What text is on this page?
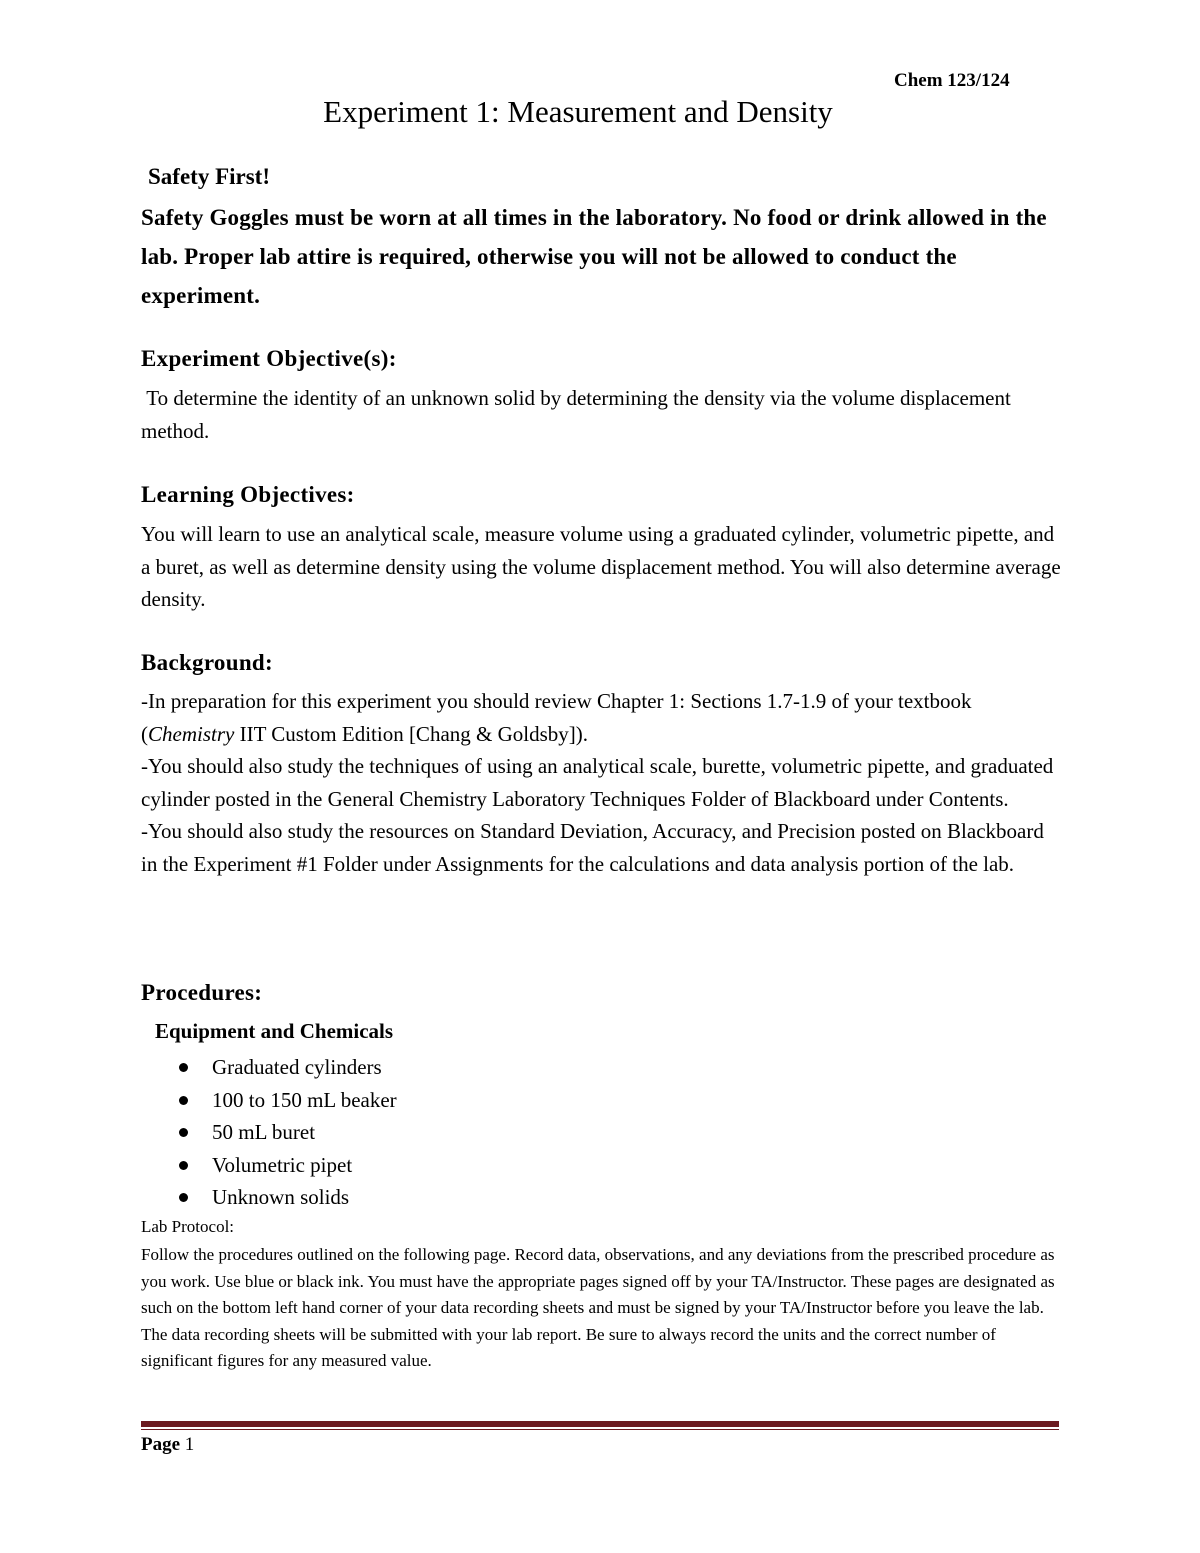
Chem 123/124
Experiment 1: Measurement and Density
Safety First!

Safety Goggles must be worn at all times in the laboratory. No food or drink allowed in the lab. Proper lab attire is required, otherwise you will not be allowed to conduct the experiment.

Experiment Objective(s):

To determine the identity of an unknown solid by determining the density via the volume displacement method.

Learning Objectives:

You will learn to use an analytical scale, measure volume using a graduated cylinder, volumetric pipette, and a buret, as well as determine density using the volume displacement method. You will also determine average density.

Background:
-In preparation for this experiment you should review Chapter 1: Sections 1.7-1.9 of your textbook (Chemistry IIT Custom Edition [Chang & Goldsby]).
-You should also study the techniques of using an analytical scale, burette, volumetric pipette, and graduated cylinder posted in the General Chemistry Laboratory Techniques Folder of Blackboard under Contents.
-You should also study the resources on Standard Deviation, Accuracy, and Precision posted on Blackboard in the Experiment #1 Folder under Assignments for the calculations and data analysis portion of the lab.
Procedures:
Equipment and Chemicals
Graduated cylinders
100 to 150 mL beaker
50 mL buret
Volumetric pipet
Unknown solids
Lab Protocol:

Follow the procedures outlined on the following page. Record data, observations, and any deviations from the prescribed procedure as you work. Use blue or black ink. You must have the appropriate pages signed off by your TA/Instructor. These pages are designated as such on the bottom left hand corner of your data recording sheets and must be signed by your TA/Instructor before you leave the lab. The data recording sheets will be submitted with your lab report. Be sure to always record the units and the correct number of significant figures for any measured value.

Page 1
